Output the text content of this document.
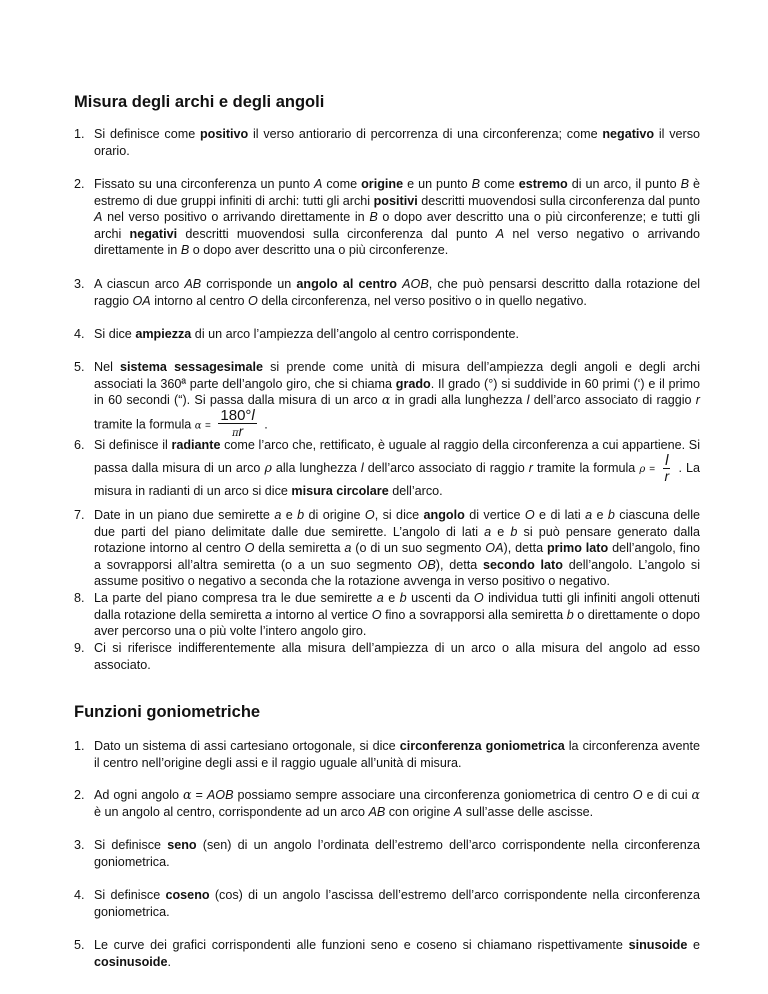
Misura degli archi e degli angoli
1. Si definisce come positivo il verso antiorario di percorrenza di una circonferenza; come negativo il verso orario.
2. Fissato su una circonferenza un punto A come origine e un punto B come estremo di un arco, il punto B è estremo di due gruppi infiniti di archi: tutti gli archi positivi descritti muovendosi sulla circonferenza dal punto A nel verso positivo o arrivando direttamente in B o dopo aver descritto una o più circonferenze; e tutti gli archi negativi descritti muovendosi sulla circonferenza dal punto A nel verso negativo o arrivando direttamente in B o dopo aver descritto una o più circonferenze.
3. A ciascun arco AB corrisponde un angolo al centro AOB, che può pensarsi descritto dalla rotazione del raggio OA intorno al centro O della circonferenza, nel verso positivo o in quello negativo.
4. Si dice ampiezza di un arco l’ampiezza dell’angolo al centro corrispondente.
5. Nel sistema sessagesimale si prende come unità di misura dell’ampiezza degli angoli e degli archi associati la 360ª parte dell’angolo giro, che si chiama grado. Il grado (°) si suddivide in 60 primi (‘) e il primo in 60 secondi (“). Si passa dalla misura di un arco α in gradi alla lunghezza l dell’arco associato di raggio r tramite la formula $\alpha = \frac{180^\circ l}{\pi r}$ .
6. Si definisce il radiante come l’arco che, rettificato, è uguale al raggio della circonferenza a cui appartiene. Si passa dalla misura di un arco ρ alla lunghezza l dell’arco associato di raggio r tramite la formula $\rho = \frac{l}{r}$ . La misura in radianti di un arco si dice misura circolare dell’arco.
7. Date in un piano due semirette a e b di origine O, si dice angolo di vertice O e di lati a e b ciascuna delle due parti del piano delimitate dalle due semirette. L’angolo di lati a e b si può pensare generato dalla rotazione intorno al centro O della semiretta a (o di un suo segmento OA), detta primo lato dell’angolo, fino a sovrapporsi all’altra semiretta (o a un suo segmento OB), detta secondo lato dell’angolo. L’angolo si assume positivo o negativo a seconda che la rotazione avvenga in verso positivo o negativo.
8. La parte del piano compresa tra le due semirette a e b uscenti da O individua tutti gli infiniti angoli ottenuti dalla rotazione della semiretta a intorno al vertice O fino a sovrapporsi alla semiretta b o direttamente o dopo aver percorso una o più volte l’intero angolo giro.
9. Ci si riferisce indifferentemente alla misura dell’ampiezza di un arco o alla misura del angolo ad esso associato.
Funzioni goniometriche
1. Dato un sistema di assi cartesiano ortogonale, si dice circonferenza goniometrica la circonferenza avente il centro nell’origine degli assi e il raggio uguale all’unità di misura.
2. Ad ogni angolo α = AOB possiamo sempre associare una circonferenza goniometrica di centro O e di cui α è un angolo al centro, corrispondente ad un arco AB con origine A sull’asse delle ascisse.
3. Si definisce seno (sen) di un angolo l’ordinata dell’estremo dell’arco corrispondente nella circonferenza goniometrica.
4. Si definisce coseno (cos) di un angolo l’ascissa dell’estremo dell’arco corrispondente nella circonferenza goniometrica.
5. Le curve dei grafici corrispondenti alle funzioni seno e coseno si chiamano rispettivamente sinusoide e cosinusoide.
